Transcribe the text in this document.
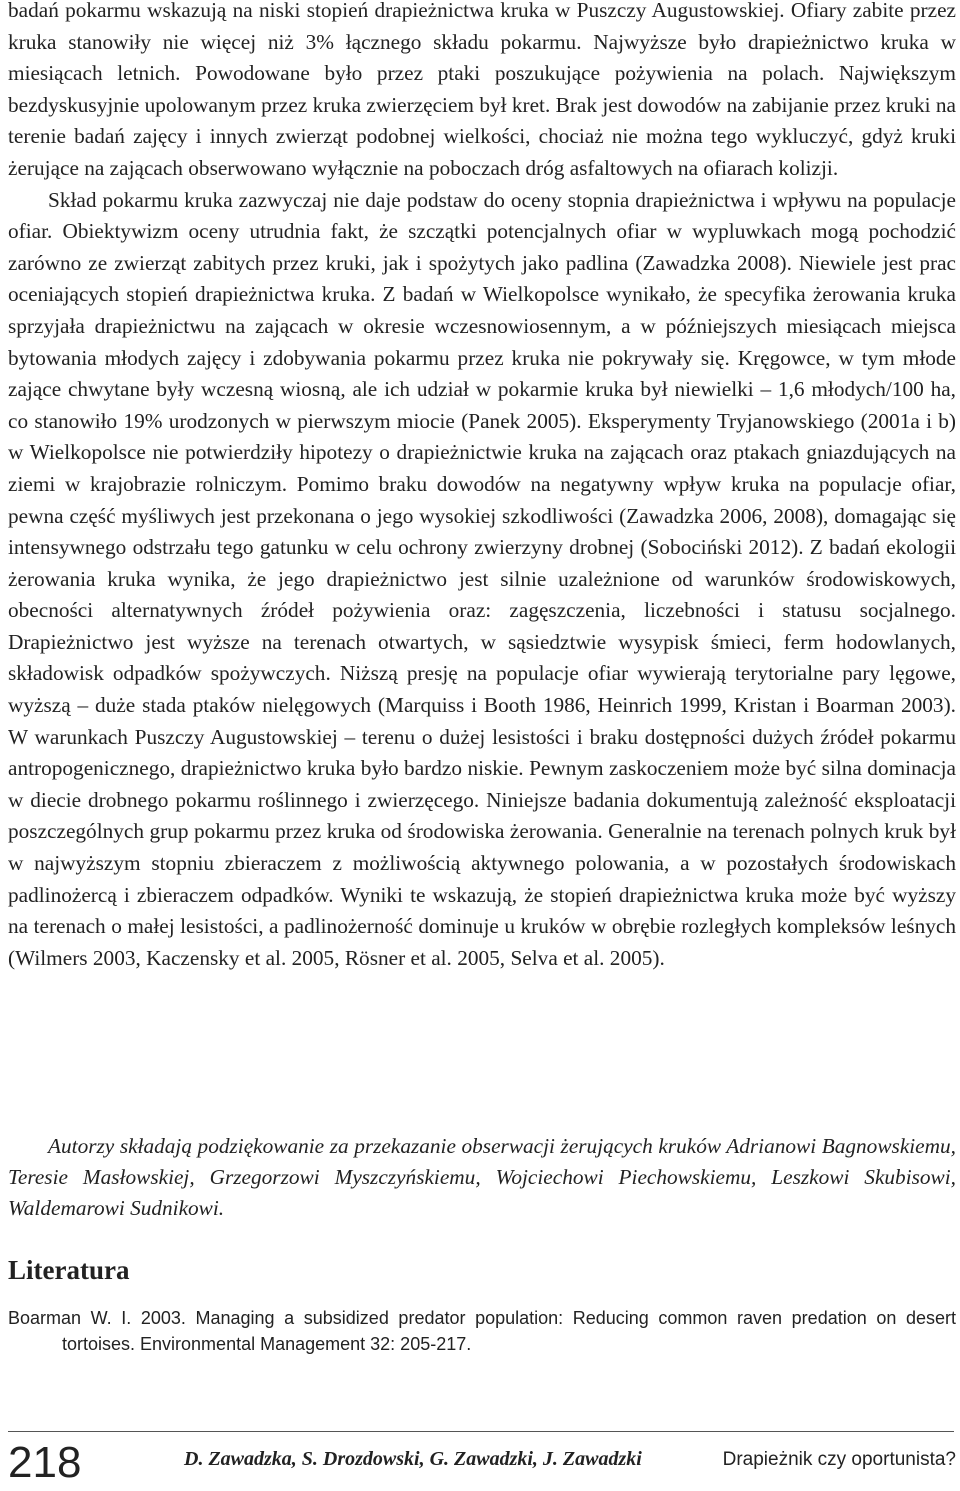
badań pokarmu wskazują na niski stopień drapieżnictwa kruka w Puszczy Augustowskiej. Ofiary zabite przez kruka stanowiły nie więcej niż 3% łącznego składu pokarmu. Najwyższe było drapieżnictwo kruka w miesiącach letnich. Powodowane było przez ptaki poszukujące pożywienia na polach. Największym bezdyskusyjnie upolowanym przez kruka zwierzęciem był kret. Brak jest dowodów na zabijanie przez kruki na terenie badań zajęcy i innych zwierząt podobnej wielkości, chociaż nie można tego wykluczyć, gdyż kruki żerujące na zającach obserwowano wyłącznie na poboczach dróg asfaltowych na ofiarach kolizji.

Skład pokarmu kruka zazwyczaj nie daje podstaw do oceny stopnia drapieżnictwa i wpływu na populacje ofiar. Obiektywizm oceny utrudnia fakt, że szczątki potencjalnych ofiar w wypluwkach mogą pochodzić zarówno ze zwierząt zabitych przez kruki, jak i spożytych jako padlina (Zawadzka 2008). Niewiele jest prac oceniających stopień drapieżnictwa kruka. Z badań w Wielkopolsce wynikało, że specyfika żerowania kruka sprzyjała drapieżnictwu na zającach w okresie wczesnowiosennym, a w późniejszych miesiącach miejsca bytowania młodych zajęcy i zdobywania pokarmu przez kruka nie pokrywały się. Kręgowce, w tym młode zające chwytane były wczesną wiosną, ale ich udział w pokarmie kruka był niewielki – 1,6 młodych/100 ha, co stanowiło 19% urodzonych w pierwszym miocie (Panek 2005). Eksperymenty Tryjanowskiego (2001a i b) w Wielkopolsce nie potwierdziły hipotezy o drapieżnictwie kruka na zającach oraz ptakach gniazdujących na ziemi w krajobrazie rolniczym. Pomimo braku dowodów na negatywny wpływ kruka na populacje ofiar, pewna część myśliwych jest przekonana o jego wysokiej szkodliwości (Zawadzka 2006, 2008), domagając się intensywnego odstrzału tego gatunku w celu ochrony zwierzyny drobnej (Sobociński 2012). Z badań ekologii żerowania kruka wynika, że jego drapieżnictwo jest silnie uzależnione od warunków środowiskowych, obecności alternatywnych źródeł pożywienia oraz: zagęszczenia, liczebności i statusu socjalnego. Drapieżnictwo jest wyższe na terenach otwartych, w sąsiedztwie wysypisk śmieci, ferm hodowlanych, składowisk odpadków spożywczych. Niższą presję na populacje ofiar wywierają terytorialne pary lęgowe, wyższą – duże stada ptaków nielęgowych (Marquiss i Booth 1986, Heinrich 1999, Kristan i Boarman 2003). W warunkach Puszczy Augustowskiej – terenu o dużej lesistości i braku dostępności dużych źródeł pokarmu antropogenicznego, drapieżnictwo kruka było bardzo niskie. Pewnym zaskoczeniem może być silna dominacja w diecie drobnego pokarmu roślinnego i zwierzęcego. Niniejsze badania dokumentują zależność eksploatacji poszczególnych grup pokarmu przez kruka od środowiska żerowania. Generalnie na terenach polnych kruk był w najwyższym stopniu zbieraczem z możliwością aktywnego polowania, a w pozostałych środowiskach padlinożercą i zbieraczem odpadków. Wyniki te wskazują, że stopień drapieżnictwa kruka może być wyższy na terenach o małej lesistości, a padlinożerność dominuje u kruków w obrębie rozległych kompleksów leśnych (Wilmers 2003, Kaczensky et al. 2005, Rösner et al. 2005, Selva et al. 2005).

Autorzy składają podziękowanie za przekazanie obserwacji żerujących kruków Adrianowi Bagnowskiemu, Teresie Masłowskiej, Grzegorzowi Myszczyńskiemu, Wojciechowi Piechowskiemu, Leszkowi Skubisowi, Waldemarowi Sudnikowi.

Literatura

Boarman W. I. 2003. Managing a subsidized predator population: Reducing common raven predation on desert tortoises. Environmental Management 32: 205-217.

218	D. Zawadzka, S. Drozdowski, G. Zawadzki, J. Zawadzki	Drapieżnik czy oportunista?
